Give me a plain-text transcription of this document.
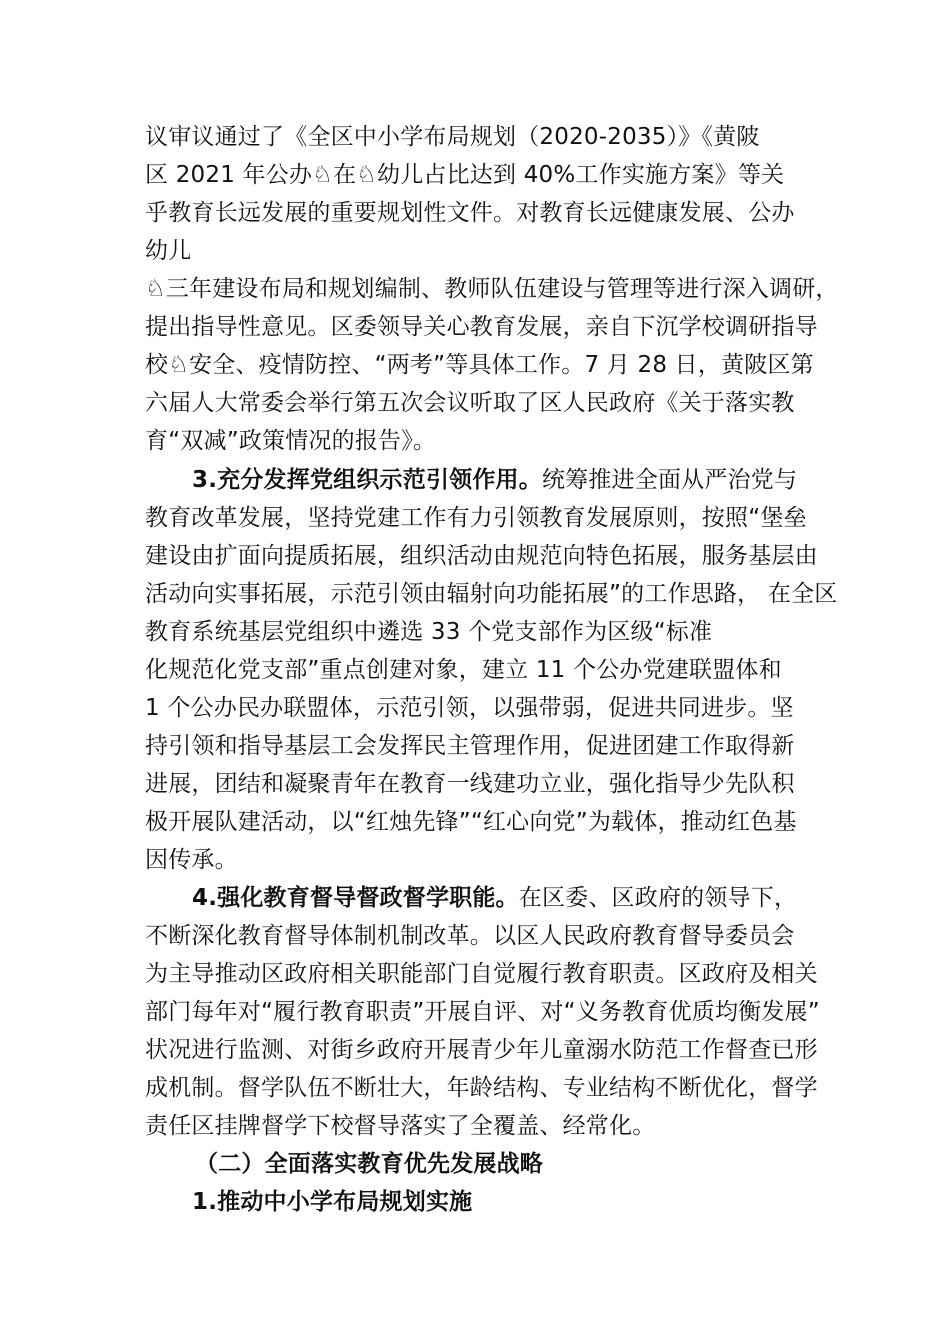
议审议通过了《全区中小学布局规划（2020-2035）》《黄陂
区 2021 年公办♘在♘幼儿占比达到 40%工作实施方案》等关
乎教育长远发展的重要规划性文件。对教育长远健康发展、公办
幼儿
♘三年建设布局和规划编制、教师队伍建设与管理等进行深入调研，
提出指导性意见。区委领导关心教育发展，亲自下沉学校调研指导
校♘安全、疫情防控、“两考”等具体工作。7 月 28 日，黄陂区第
六届人大常委会举行第五次会议听取了区人民政府《关于落实教
育“双减”政策情况的报告》。
3.充分发挥党组织示范引领作用。统筹推进全面从严治党与
教育改革发展，坚持党建工作有力引领教育发展原则，按照“堡垒
建设由扩面向提质拓展，组织活动由规范向特色拓展，服务基层由
活动向实事拓展，示范引领由辐射向功能拓展”的工作思路， 在全区
教育系统基层党组织中遴选 33 个党支部作为区级“标准
化规范化党支部”重点创建对象，建立 11 个公办党建联盟体和
1 个公办民办联盟体，示范引领，以强带弱，促进共同进步。坚
持引领和指导基层工会发挥民主管理作用，促进团建工作取得新
进展，团结和凝聚青年在教育一线建功立业，强化指导少先队积
极开展队建活动，以“红烛先锋”“红心向党”为载体，推动红色基
因传承。
4.强化教育督导督政督学职能。在区委、区政府的领导下，
不断深化教育督导体制机制改革。以区人民政府教育督导委员会
为主导推动区政府相关职能部门自觉履行教育职责。区政府及相关
部门每年对“履行教育职责”开展自评、对“义务教育优质均衡发展”
状况进行监测、对街乡政府开展青少年儿童溺水防范工作督查已形
成机制。督学队伍不断壮大，年龄结构、专业结构不断优化，督学
责任区挂牌督学下校督导落实了全覆盖、经常化。
（二）全面落实教育优先发展战略
1.推动中小学布局规划实施
